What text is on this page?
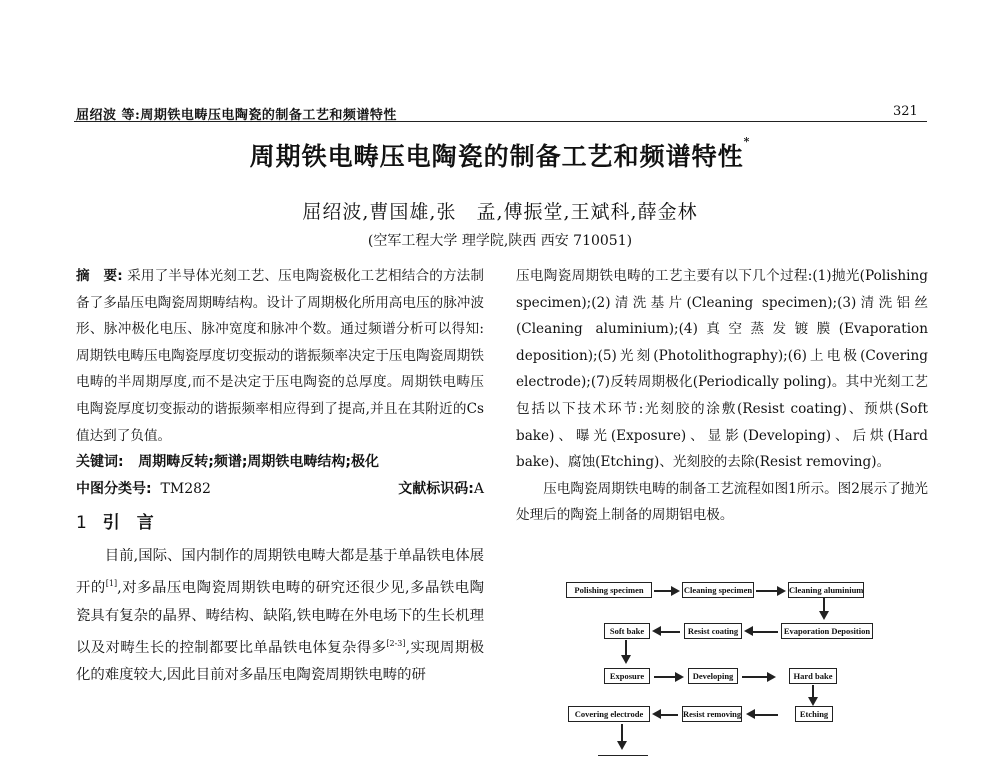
屈绍波 等:周期铁电畴压电陶瓷的制备工艺和频谱特性	321
周期铁电畴压电陶瓷的制备工艺和频谱特性*
屈绍波,曹国雄,张　孟,傅振堂,王斌科,薛金林
(空军工程大学 理学院,陕西 西安 710051)
摘　要: 采用了半导体光刻工艺、压电陶瓷极化工艺相结合的方法制备了多晶压电陶瓷周期畴结构。设计了周期极化所用高电压的脉冲波形、脉冲极化电压、脉冲宽度和脉冲个数。通过频谱分析可以得知:周期铁电畴压电陶瓷厚度切变振动的谐振频率决定于压电陶瓷周期铁电畴的半周期厚度,而不是决定于压电陶瓷的总厚度。周期铁电畴压电陶瓷厚度切变振动的谐振频率相应得到了提高,并且在其附近的Cs值达到了负值。
关键词: 周期畴反转;频谱;周期铁电畴结构;极化
中图分类号: TM282	文献标识码:A
1 引　言
目前,国际、国内制作的周期铁电畴大都是基于单晶铁电体展开的[1],对多晶压电陶瓷周期铁电畴的研究还很少见,多晶铁电陶瓷具有复杂的晶界、畴结构、缺陷,铁电畴在外电场下的生长机理以及对畴生长的控制都要比单晶铁电体复杂得多[2-3],实现周期极化的难度较大,因此目前对多晶压电陶瓷周期铁电畴的研

压电陶瓷周期铁电畴的工艺主要有以下几个过程:(1)抛光(Polishing specimen);(2)清洗基片(Cleaning specimen);(3)清洗铝丝(Cleaning aluminium);(4)真空蒸发镀膜(Evaporation deposition);(5)光刻(Photolithography);(6)上电极(Covering electrode);(7)反转周期极化(Periodically poling)。其中光刻工艺包括以下技术环节:光刻胶的涂敷(Resist coating)、预烘(Soft bake)、曝光(Exposure)、显影(Developing)、后烘(Hard bake)、腐蚀(Etching)、光刻胶的去除(Resist removing)。

压电陶瓷周期铁电畴的制备工艺流程如图1所示。图2展示了抛光处理后的陶瓷上制备的周期铝电极。

Polishing specimen	Cleaning specimen	Cleaning aluminium
Soft bake	Resist coating	Evaporation Deposition
Exposure	Developing	Hard bake
Covering electrode	Resist removing	Etching
